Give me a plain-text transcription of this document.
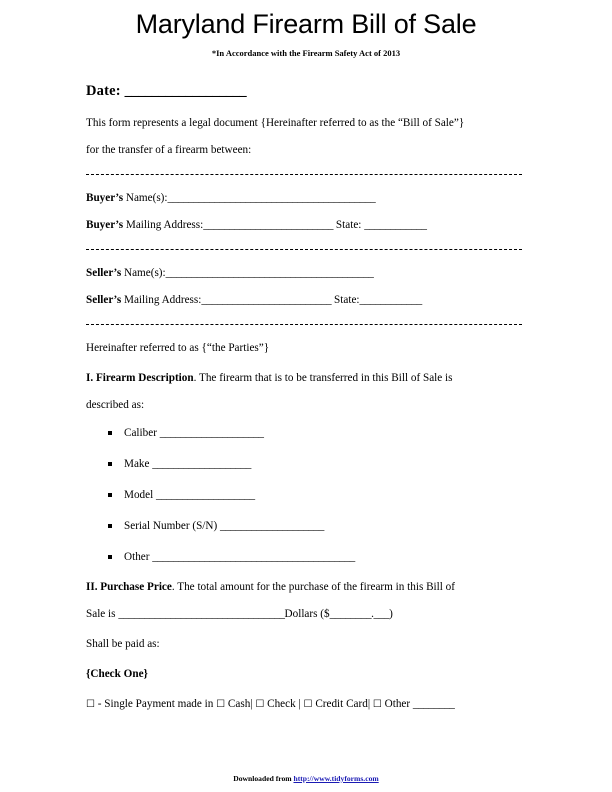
Maryland Firearm Bill of Sale
*In Accordance with the Firearm Safety Act of 2013
Date: __________________
This form represents a legal document {Hereinafter referred to as the “Bill of Sale”}
for the transfer of a firearm between:
Buyer’s Name(s):________________________________________
Buyer’s Mailing Address:_________________________ State: ____________
Seller’s Name(s):________________________________________
Seller’s Mailing Address:_________________________ State:____________
Hereinafter referred to as {“the Parties”}
I. Firearm Description. The firearm that is to be transferred in this Bill of Sale is
described as:
Caliber ____________________
Make ___________________
Model ___________________
Serial Number (S/N) ____________________
Other _______________________________________
II. Purchase Price. The total amount for the purchase of the firearm in this Bill of
Sale is ________________________________Dollars ($________.___)
Shall be paid as:
{Check One}
☐ - Single Payment made in ☐ Cash| ☐ Check | ☐ Credit Card| ☐ Other ________
Downloaded from http://www.tidyforms.com
